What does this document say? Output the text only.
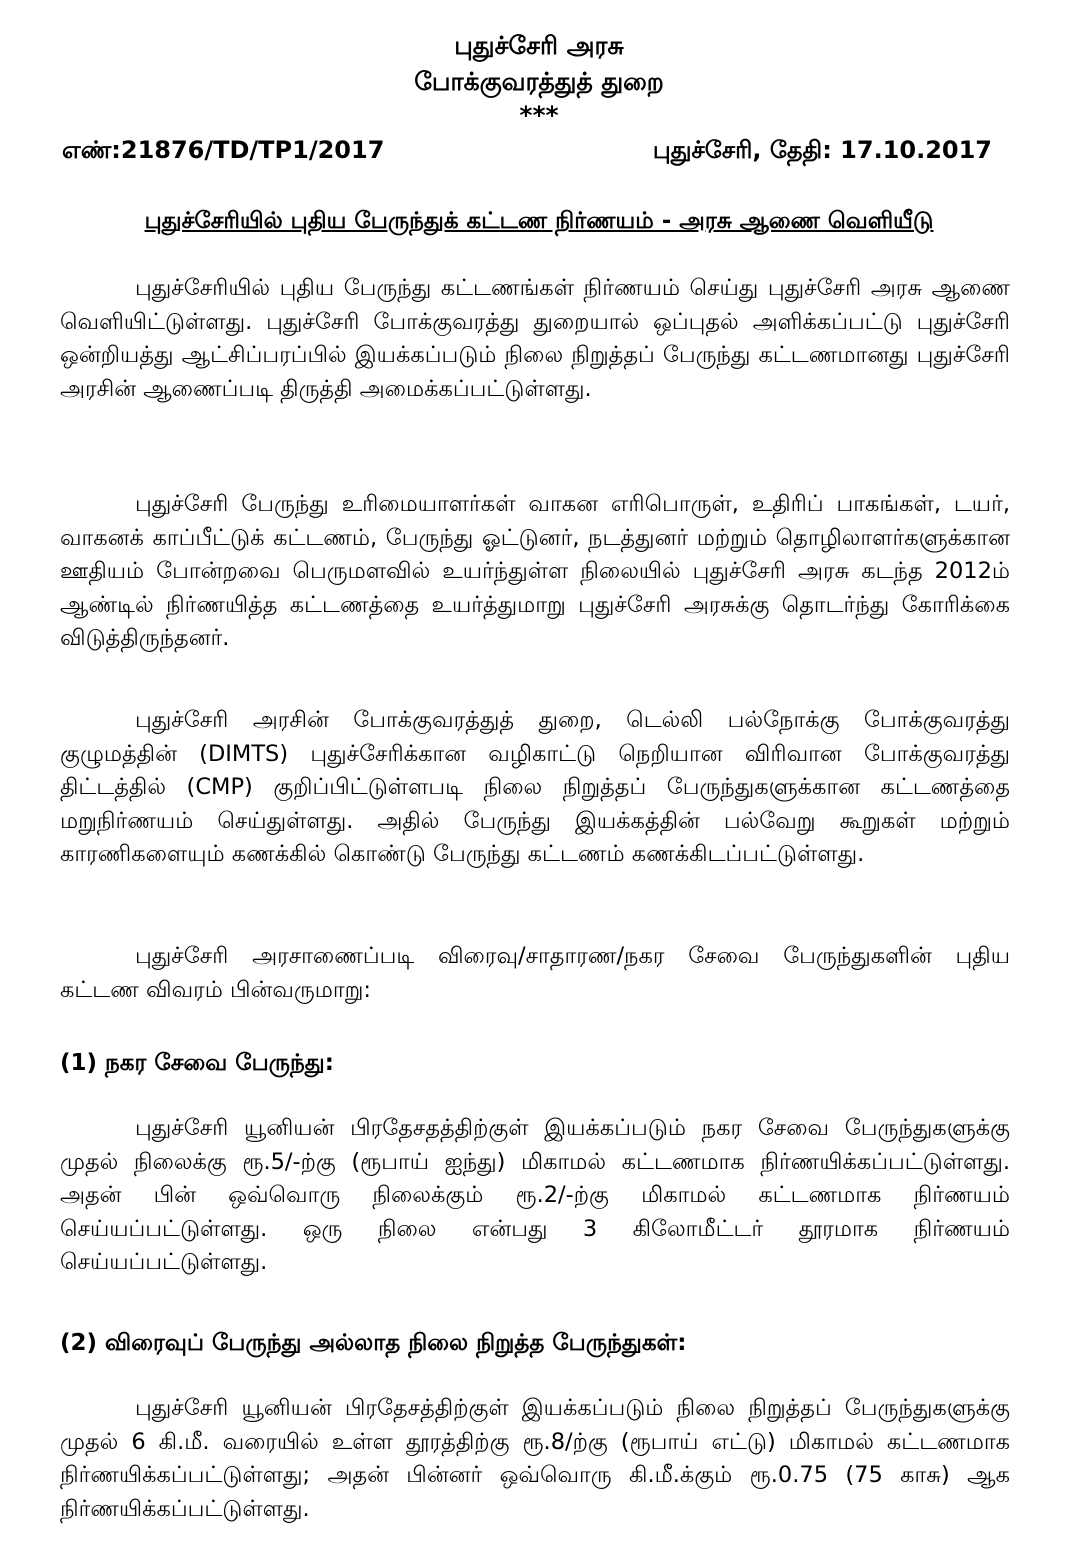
புதுச்சேரி அரசு
போக்குவரத்துத் துறை
***
எண்:21876/TD/TP1/2017	புதுச்சேரி, தேதி: 17.10.2017
புதுச்சேரியில் புதிய பேருந்துக் கட்டண நிர்ணயம் - அரசு ஆணை வெளியீடு

புதுச்சேரியில் புதிய பேருந்து கட்டணங்கள் நிர்ணயம் செய்து புதுச்சேரி அரசு ஆணை வெளியிட்டுள்ளது. புதுச்சேரி போக்குவரத்து துறையால் ஒப்புதல் அளிக்கப்பட்டு புதுச்சேரி ஒன்றியத்து ஆட்சிப்பரப்பில் இயக்கப்படும் நிலை நிறுத்தப் பேருந்து கட்டணமானது புதுச்சேரி அரசின் ஆணைப்படி திருத்தி அமைக்கப்பட்டுள்ளது.

புதுச்சேரி பேருந்து உரிமையாளர்கள் வாகன எரிபொருள், உதிரிப் பாகங்கள், டயர், வாகனக் காப்பீட்டுக் கட்டணம், பேருந்து ஓட்டுனர், நடத்துனர் மற்றும் தொழிலாளர்களுக்கான ஊதியம் போன்றவை பெருமளவில் உயர்ந்துள்ள நிலையில் புதுச்சேரி அரசு கடந்த 2012ம் ஆண்டில் நிர்ணயித்த கட்டணத்தை உயர்த்துமாறு புதுச்சேரி அரசுக்கு தொடர்ந்து கோரிக்கை விடுத்திருந்தனர்.

புதுச்சேரி அரசின் போக்குவரத்துத் துறை, டெல்லி பல்நோக்கு போக்குவரத்து குழுமத்தின் (DIMTS) புதுச்சேரிக்கான வழிகாட்டு நெறியான விரிவான போக்குவரத்து திட்டத்தில் (CMP) குறிப்பிட்டுள்ளபடி நிலை நிறுத்தப் பேருந்துகளுக்கான கட்டணத்தை மறுநிர்ணயம் செய்துள்ளது. அதில் பேருந்து இயக்கத்தின் பல்வேறு கூறுகள் மற்றும் காரணிகளையும் கணக்கில் கொண்டு பேருந்து கட்டணம் கணக்கிடப்பட்டுள்ளது.

புதுச்சேரி அரசாணைப்படி விரைவு/சாதாரண/நகர சேவை பேருந்துகளின் புதிய கட்டண விவரம் பின்வருமாறு:

(1) நகர சேவை பேருந்து:

புதுச்சேரி யூனியன் பிரதேசதத்திற்குள் இயக்கப்படும் நகர சேவை பேருந்துகளுக்கு முதல் நிலைக்கு ரூ.5/-ற்கு (ரூபாய் ஐந்து) மிகாமல் கட்டணமாக நிர்ணயிக்கப்பட்டுள்ளது. அதன் பின் ஒவ்வொரு நிலைக்கும் ரூ.2/-ற்கு மிகாமல் கட்டணமாக நிர்ணயம் செய்யப்பட்டுள்ளது. ஒரு நிலை என்பது 3 கிலோமீட்டர் தூரமாக நிர்ணயம் செய்யப்பட்டுள்ளது.

(2) விரைவுப் பேருந்து அல்லாத நிலை நிறுத்த பேருந்துகள்:

புதுச்சேரி யூனியன் பிரதேசத்திற்குள் இயக்கப்படும் நிலை நிறுத்தப் பேருந்துகளுக்கு முதல் 6 கி.மீ. வரையில் உள்ள தூரத்திற்கு ரூ.8/ற்கு (ரூபாய் எட்டு) மிகாமல் கட்டணமாக நிர்ணயிக்கப்பட்டுள்ளது; அதன் பின்னர் ஒவ்வொரு கி.மீ.க்கும் ரூ.0.75 (75 காசு) ஆக நிர்ணயிக்கப்பட்டுள்ளது.
